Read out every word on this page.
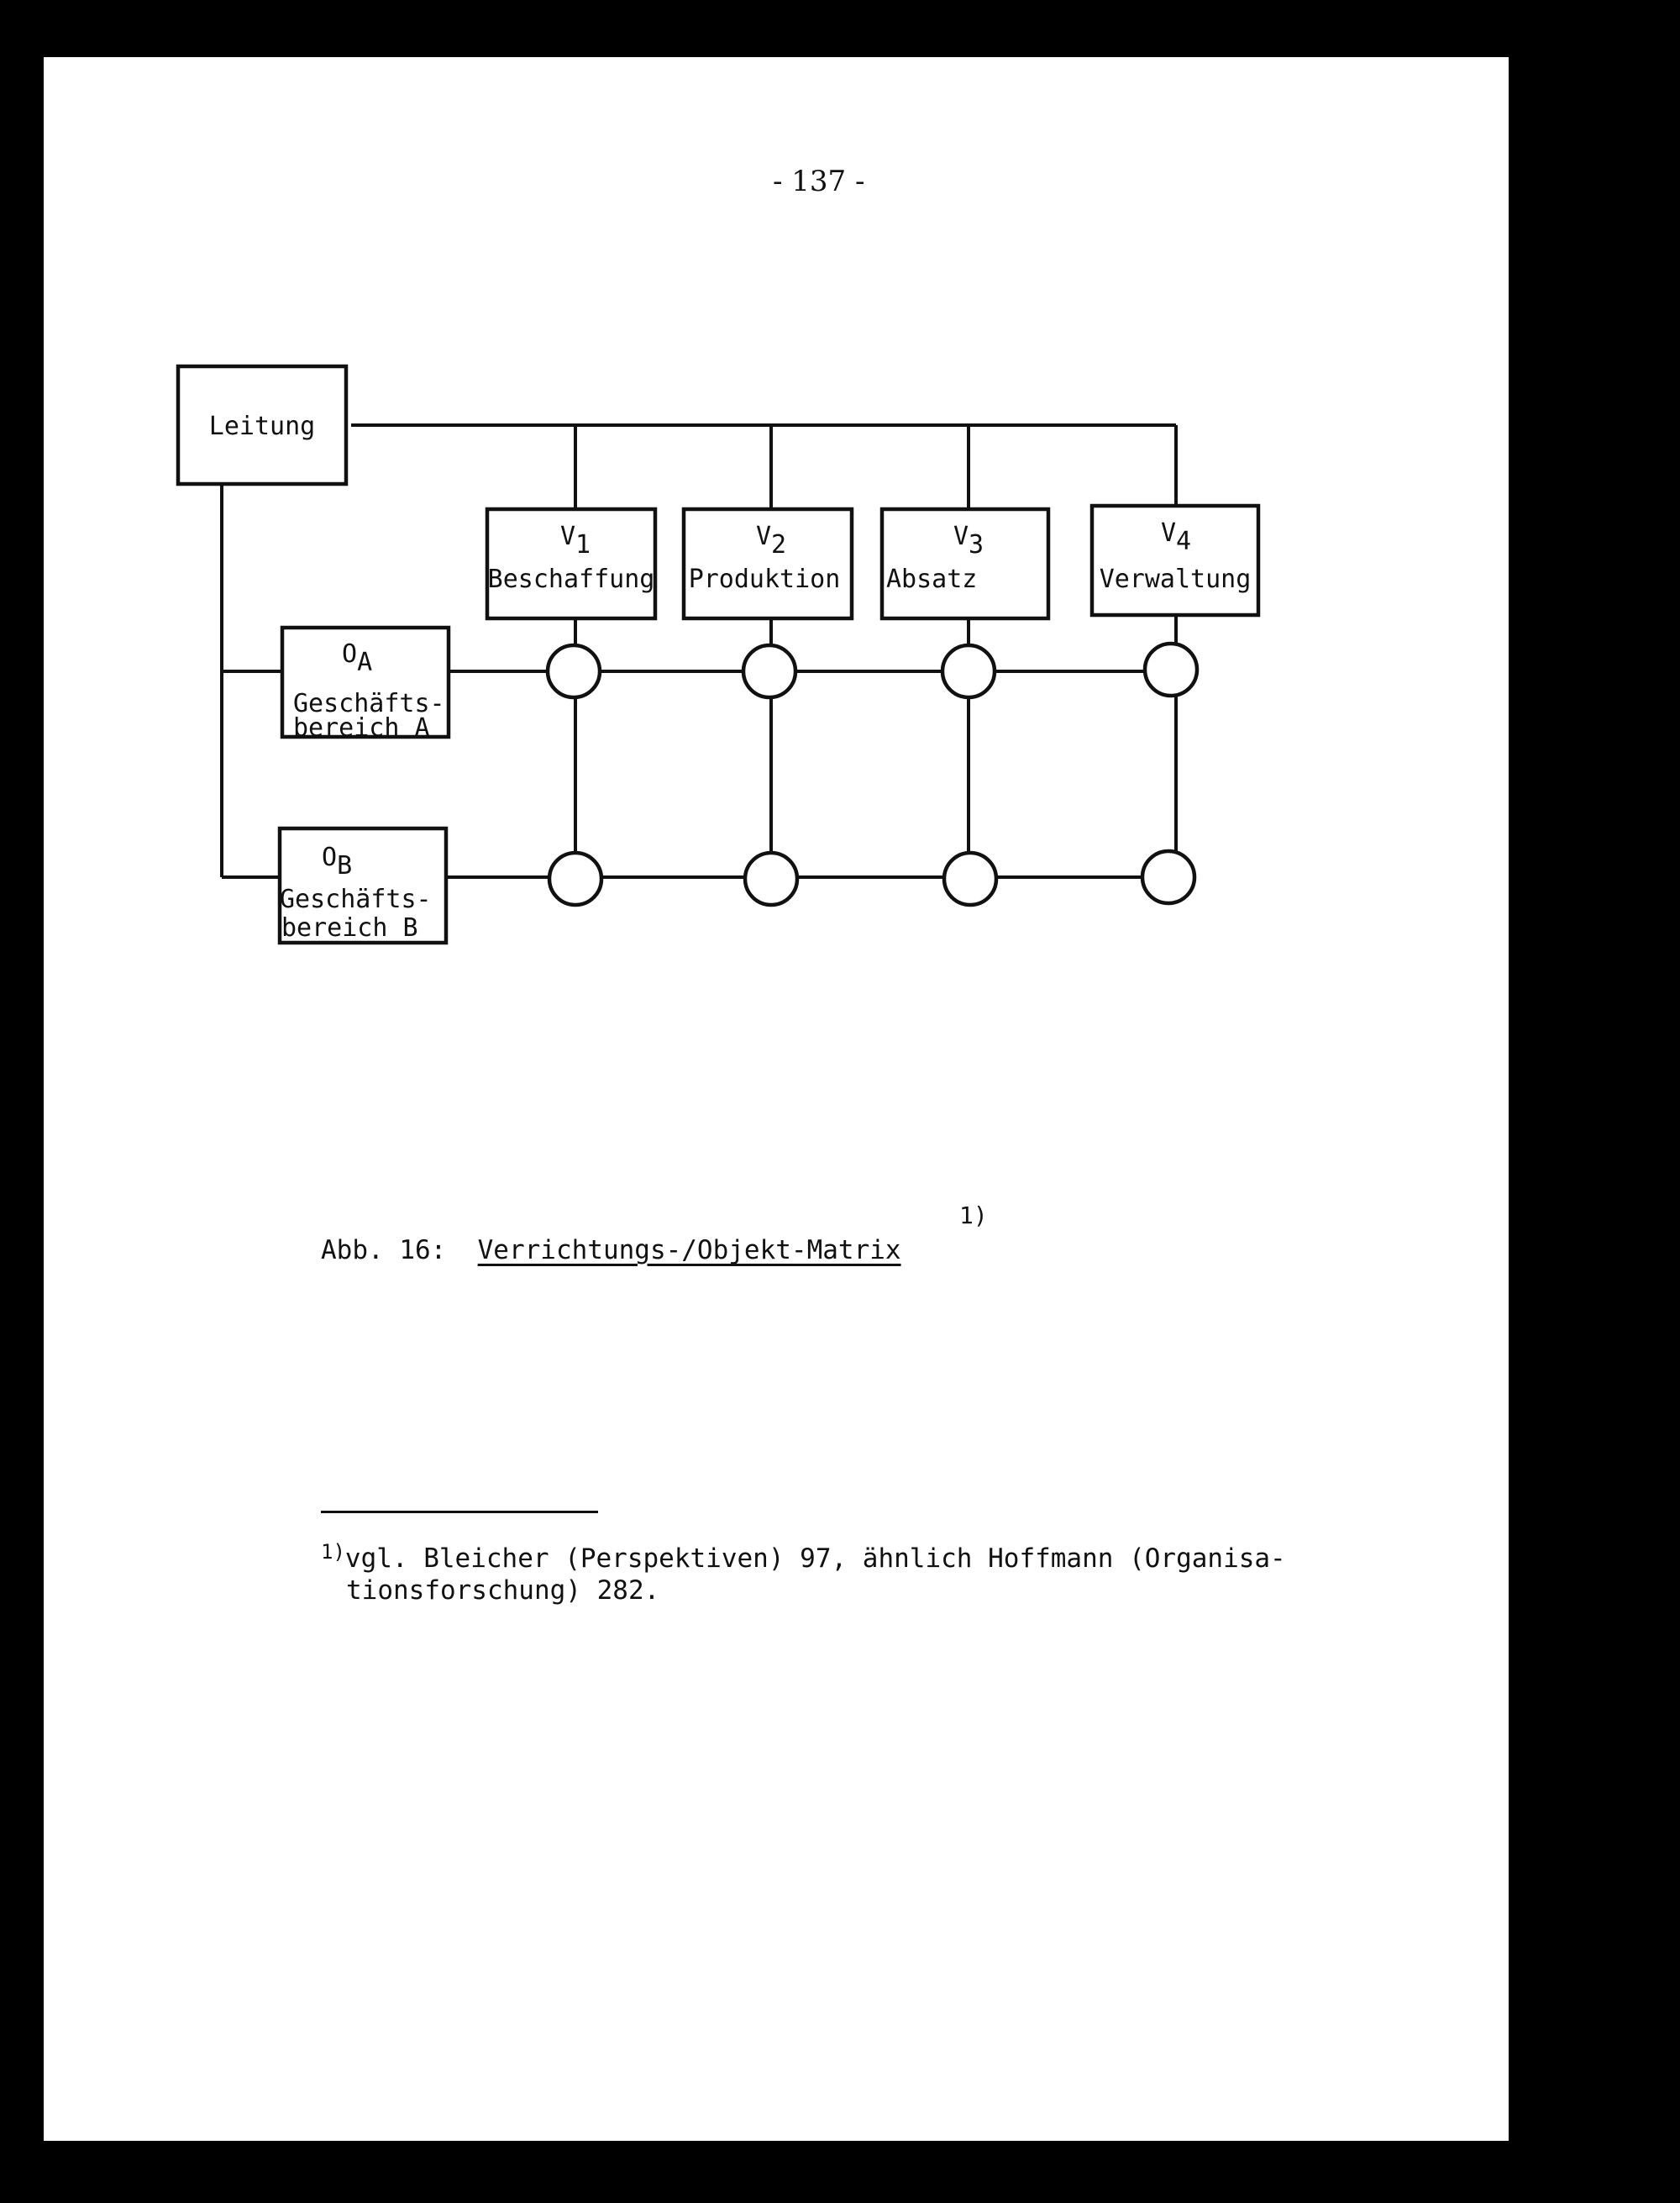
- 137 -
Leitung
V1
Beschaffung
V2
Produktion
V3
Absatz
V4
Verwaltung
OA
Geschäfts-
bereich A
OB
Geschäfts-
bereich B
1)
Abb. 16:  Verrichtungs-/Objekt-Matrix
$^{1)}$vgl. Bleicher (Perspektiven) 97, ähnlich Hoffmann (Organisa-
tionsforschung) 282.
